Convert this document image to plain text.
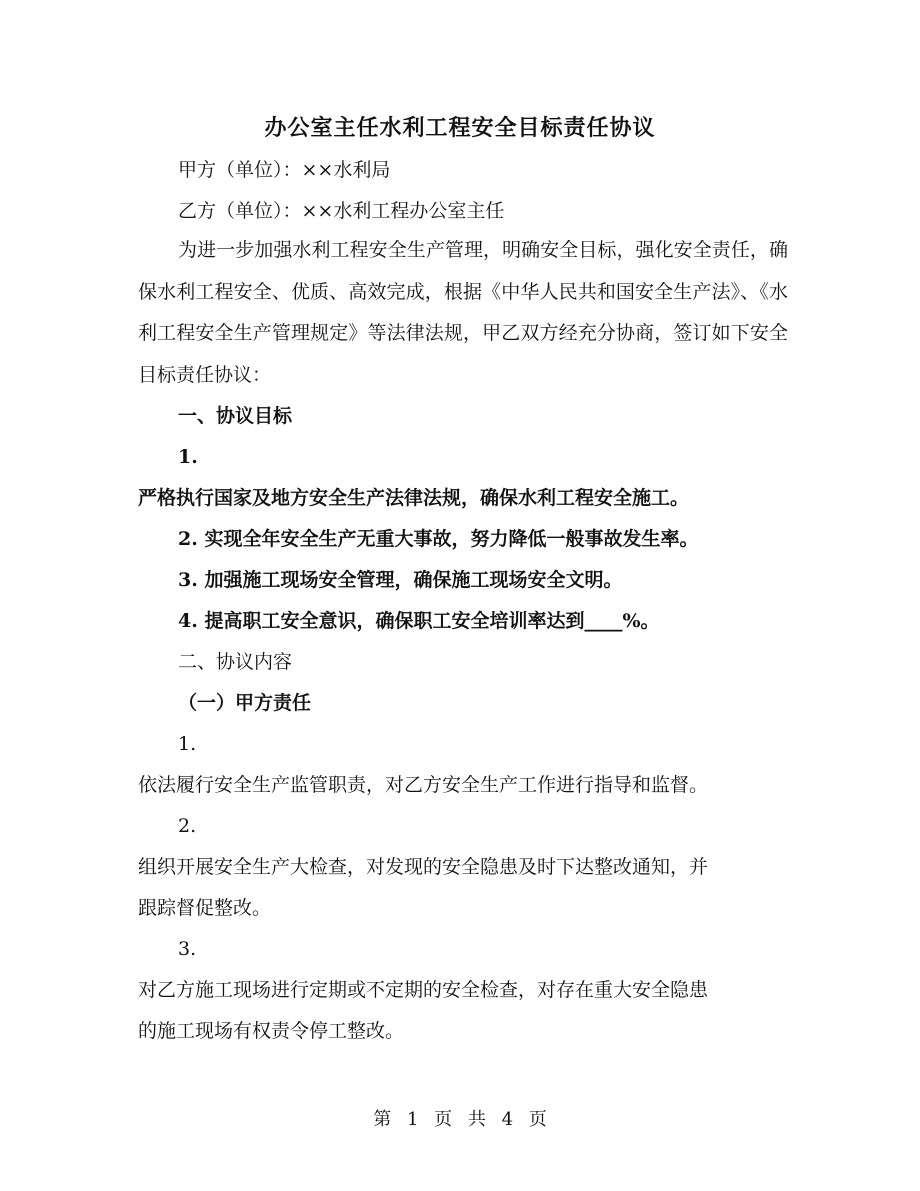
办公室主任水利工程安全目标责任协议
甲方（单位）：××水利局
乙方（单位）：××水利工程办公室主任
为进一步加强水利工程安全生产管理，明确安全目标，强化安全责任，确保水利工程安全、优质、高效完成，根据《中华人民共和国安全生产法》、《水利工程安全生产管理规定》等法律法规，甲乙双方经充分协商，签订如下安全目标责任协议：
一、协议目标
1.
严格执行国家及地方安全生产法律法规，确保水利工程安全施工。
2. 实现全年安全生产无重大事故，努力降低一般事故发生率。
3. 加强施工现场安全管理，确保施工现场安全文明。
4. 提高职工安全意识，确保职工安全培训率达到____%。
二、协议内容
（一）甲方责任
1.
依法履行安全生产监管职责，对乙方安全生产工作进行指导和监督。
2.
组织开展安全生产大检查，对发现的安全隐患及时下达整改通知，并
跟踪督促整改。
3.
对乙方施工现场进行定期或不定期的安全检查，对存在重大安全隐患
的施工现场有权责令停工整改。
第 1 页 共 4 页
